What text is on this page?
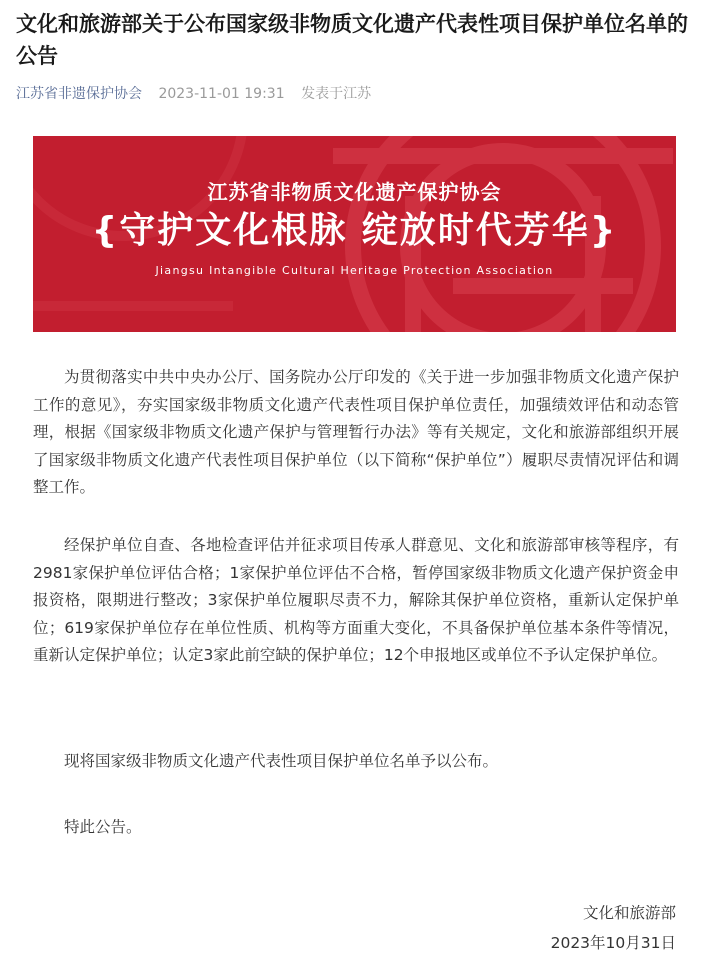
文化和旅游部关于公布国家级非物质文化遗产代表性项目保护单位名单的公告
江苏省非遗保护协会 2023-11-01 19:31 发表于江苏
江苏省非物质文化遗产保护协会
{守护文化根脉 绽放时代芳华}
Jiangsu Intangible Cultural Heritage Protection Association

为贯彻落实中共中央办公厅、国务院办公厅印发的《关于进一步加强非物质文化遗产保护工作的意见》，夯实国家级非物质文化遗产代表性项目保护单位责任，加强绩效评估和动态管理，根据《国家级非物质文化遗产保护与管理暂行办法》等有关规定，文化和旅游部组织开展了国家级非物质文化遗产代表性项目保护单位（以下简称“保护单位”）履职尽责情况评估和调整工作。

经保护单位自查、各地检查评估并征求项目传承人群意见、文化和旅游部审核等程序，有2981家保护单位评估合格；1家保护单位评估不合格，暂停国家级非物质文化遗产保护资金申报资格，限期进行整改；3家保护单位履职尽责不力，解除其保护单位资格，重新认定保护单位；619家保护单位存在单位性质、机构等方面重大变化，不具备保护单位基本条件等情况，重新认定保护单位；认定3家此前空缺的保护单位；12个申报地区或单位不予认定保护单位。

现将国家级非物质文化遗产代表性项目保护单位名单予以公布。

特此公告。

文化和旅游部
2023年10月31日
